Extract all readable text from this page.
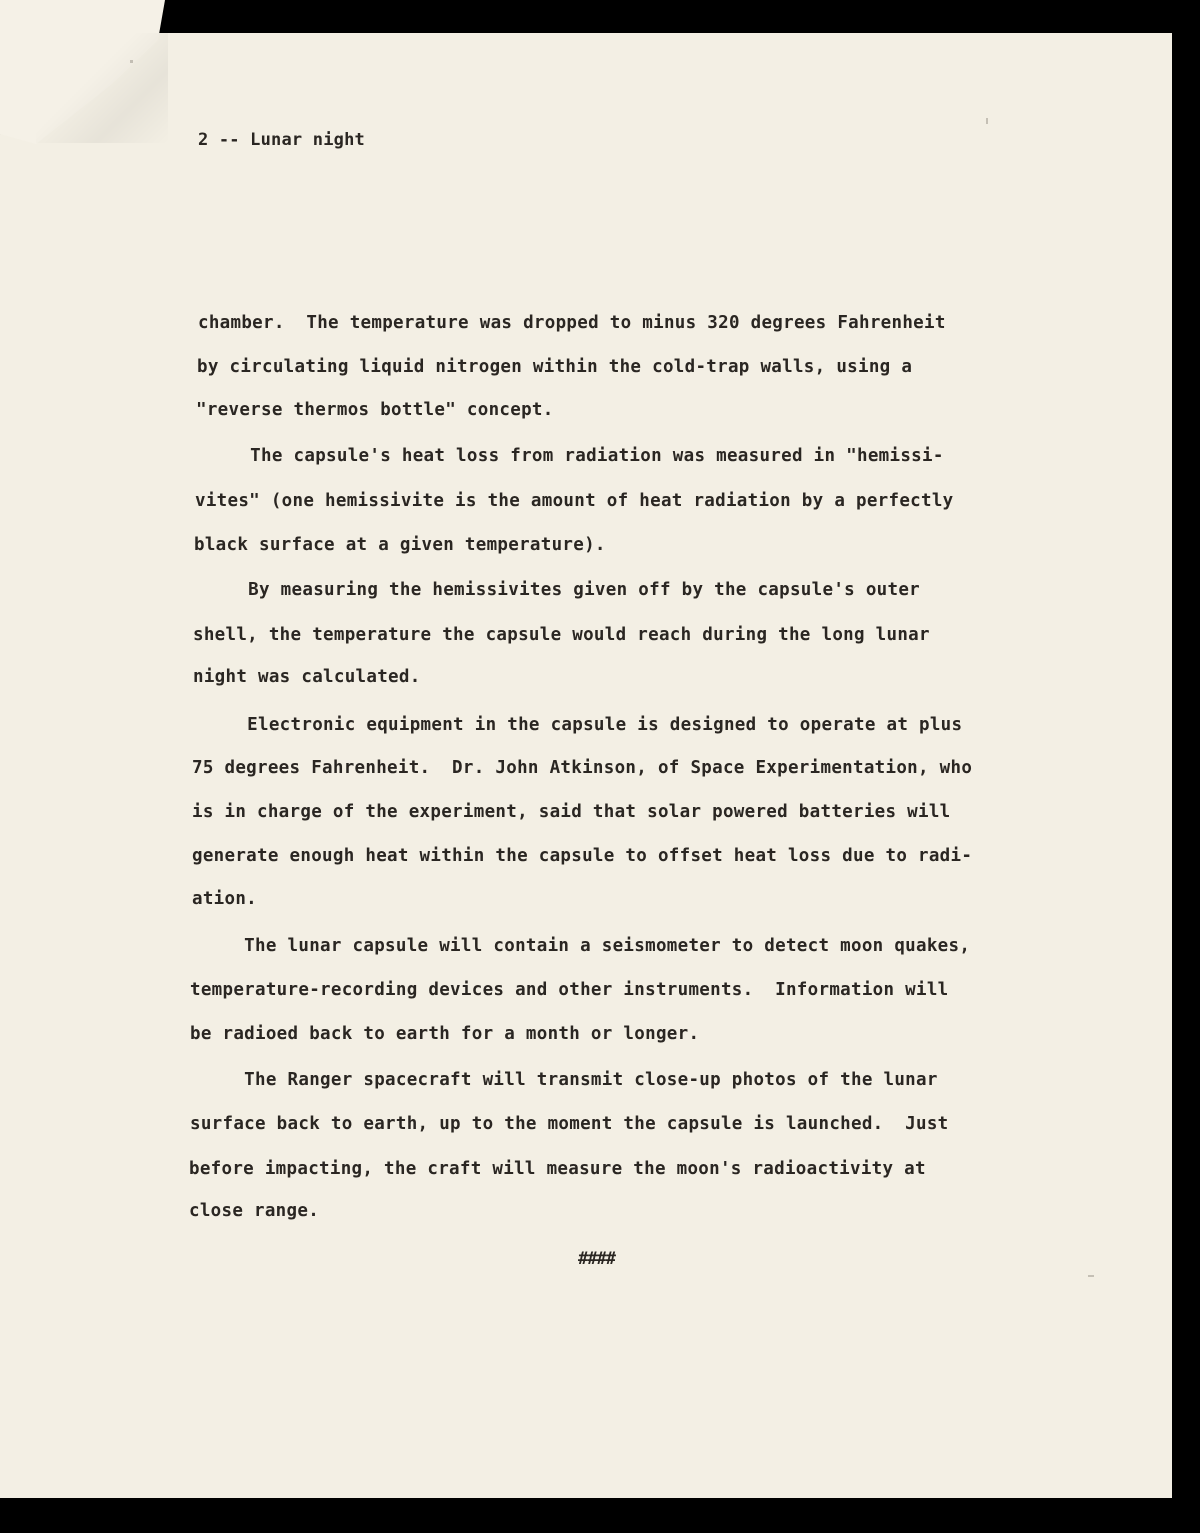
2 -- Lunar night
chamber.  The temperature was dropped to minus 320 degrees Fahrenheit
by circulating liquid nitrogen within the cold-trap walls, using a
"reverse thermos bottle" concept.
The capsule's heat loss from radiation was measured in "hemissi-
vites" (one hemissivite is the amount of heat radiation by a perfectly
black surface at a given temperature).
By measuring the hemissivites given off by the capsule's outer
shell, the temperature the capsule would reach during the long lunar
night was calculated.
Electronic equipment in the capsule is designed to operate at plus
75 degrees Fahrenheit.  Dr. John Atkinson, of Space Experimentation, who
is in charge of the experiment, said that solar powered batteries will
generate enough heat within the capsule to offset heat loss due to radi-
ation.
The lunar capsule will contain a seismometer to detect moon quakes,
temperature-recording devices and other instruments.  Information will
be radioed back to earth for a month or longer.
The Ranger spacecraft will transmit close-up photos of the lunar
surface back to earth, up to the moment the capsule is launched.  Just
before impacting, the craft will measure the moon's radioactivity at
close range.
####
